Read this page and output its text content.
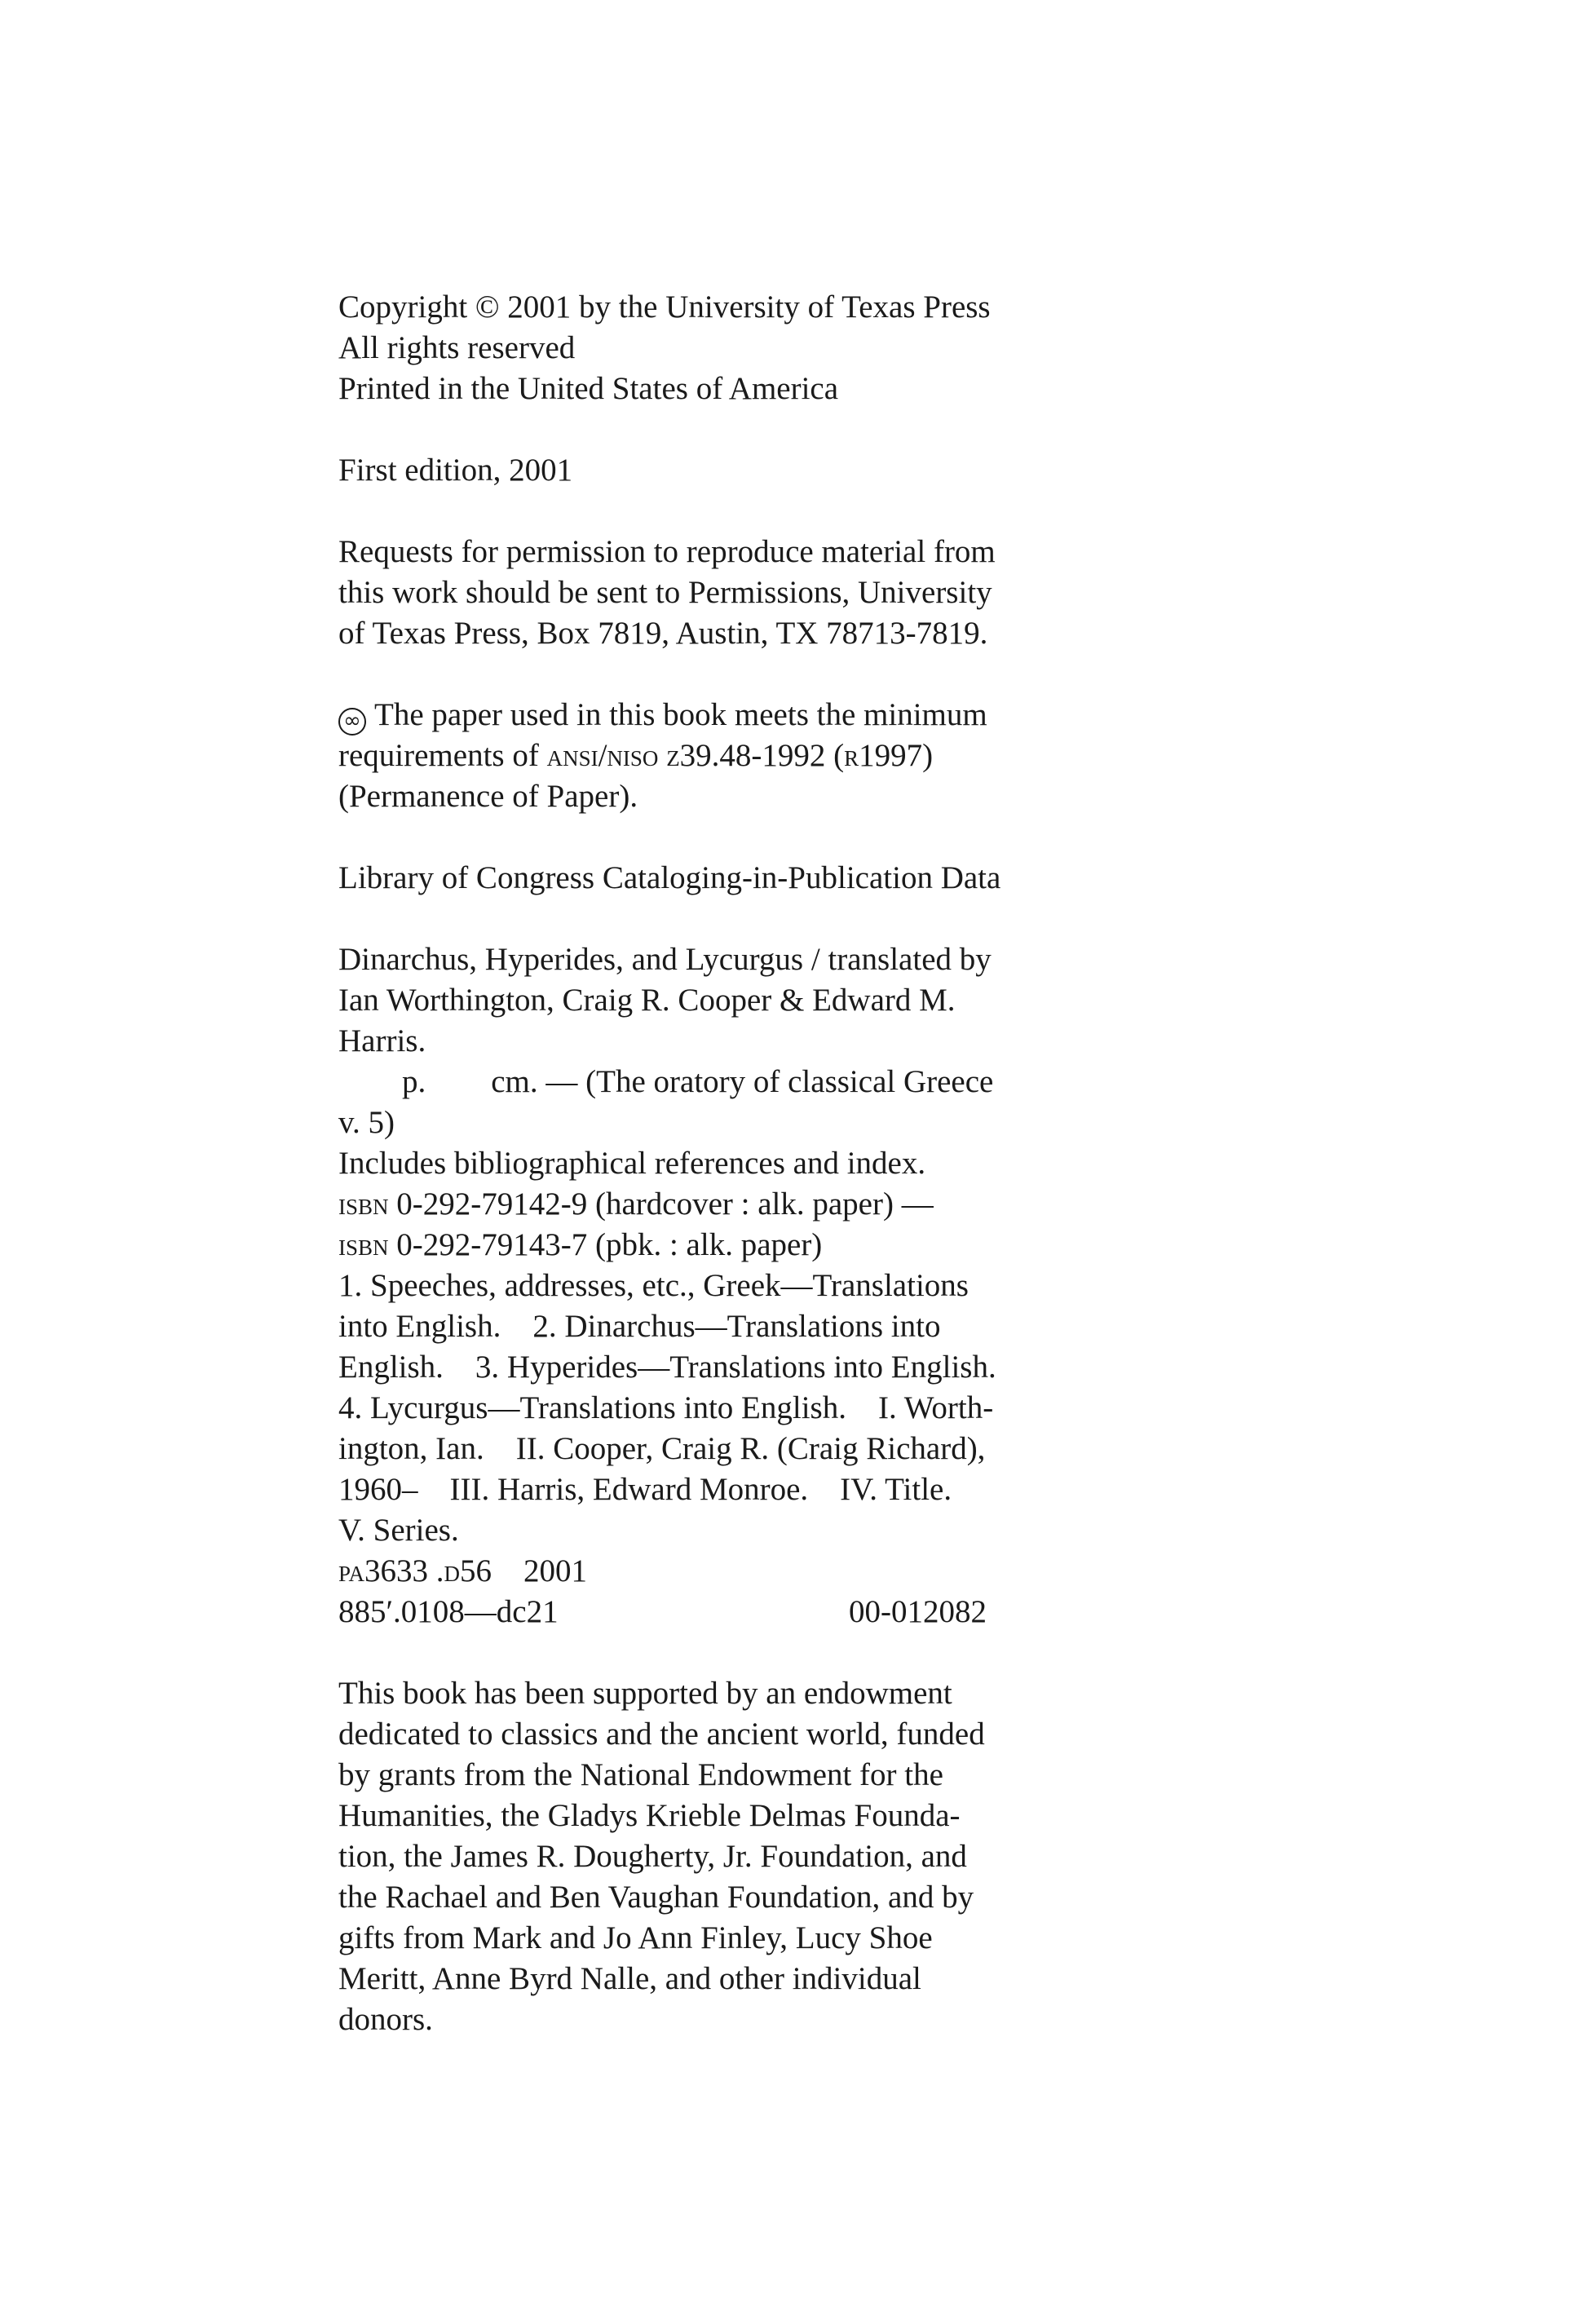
Copyright © 2001 by the University of Texas Press
All rights reserved
Printed in the United States of America
First edition, 2001
Requests for permission to reproduce material from
this work should be sent to Permissions, University
of Texas Press, Box 7819, Austin, TX 78713-7819.
∞ The paper used in this book meets the minimum
requirements of ansi/niso z39.48-1992 (r1997)
(Permanence of Paper).
Library of Congress Cataloging-in-Publication Data
Dinarchus, Hyperides, and Lycurgus / translated by
Ian Worthington, Craig R. Cooper & Edward M.
Harris.
p. cm. — (The oratory of classical Greece
v. 5)
Includes bibliographical references and index.
isbn 0-292-79142-9 (hardcover : alk. paper) —
isbn 0-292-79143-7 (pbk. : alk. paper)
1. Speeches, addresses, etc., Greek—Translations
into English.    2. Dinarchus—Translations into
English.    3. Hyperides—Translations into English.
4. Lycurgus—Translations into English.    I. Worth-
ington, Ian.    II. Cooper, Craig R. (Craig Richard),
1960–    III. Harris, Edward Monroe.    IV. Title.
V. Series.
pa3633 .d56    2001
885′.0108—dc21	00-012082
This book has been supported by an endowment
dedicated to classics and the ancient world, funded
by grants from the National Endowment for the
Humanities, the Gladys Krieble Delmas Founda-
tion, the James R. Dougherty, Jr. Foundation, and
the Rachael and Ben Vaughan Foundation, and by
gifts from Mark and Jo Ann Finley, Lucy Shoe
Meritt, Anne Byrd Nalle, and other individual
donors.
